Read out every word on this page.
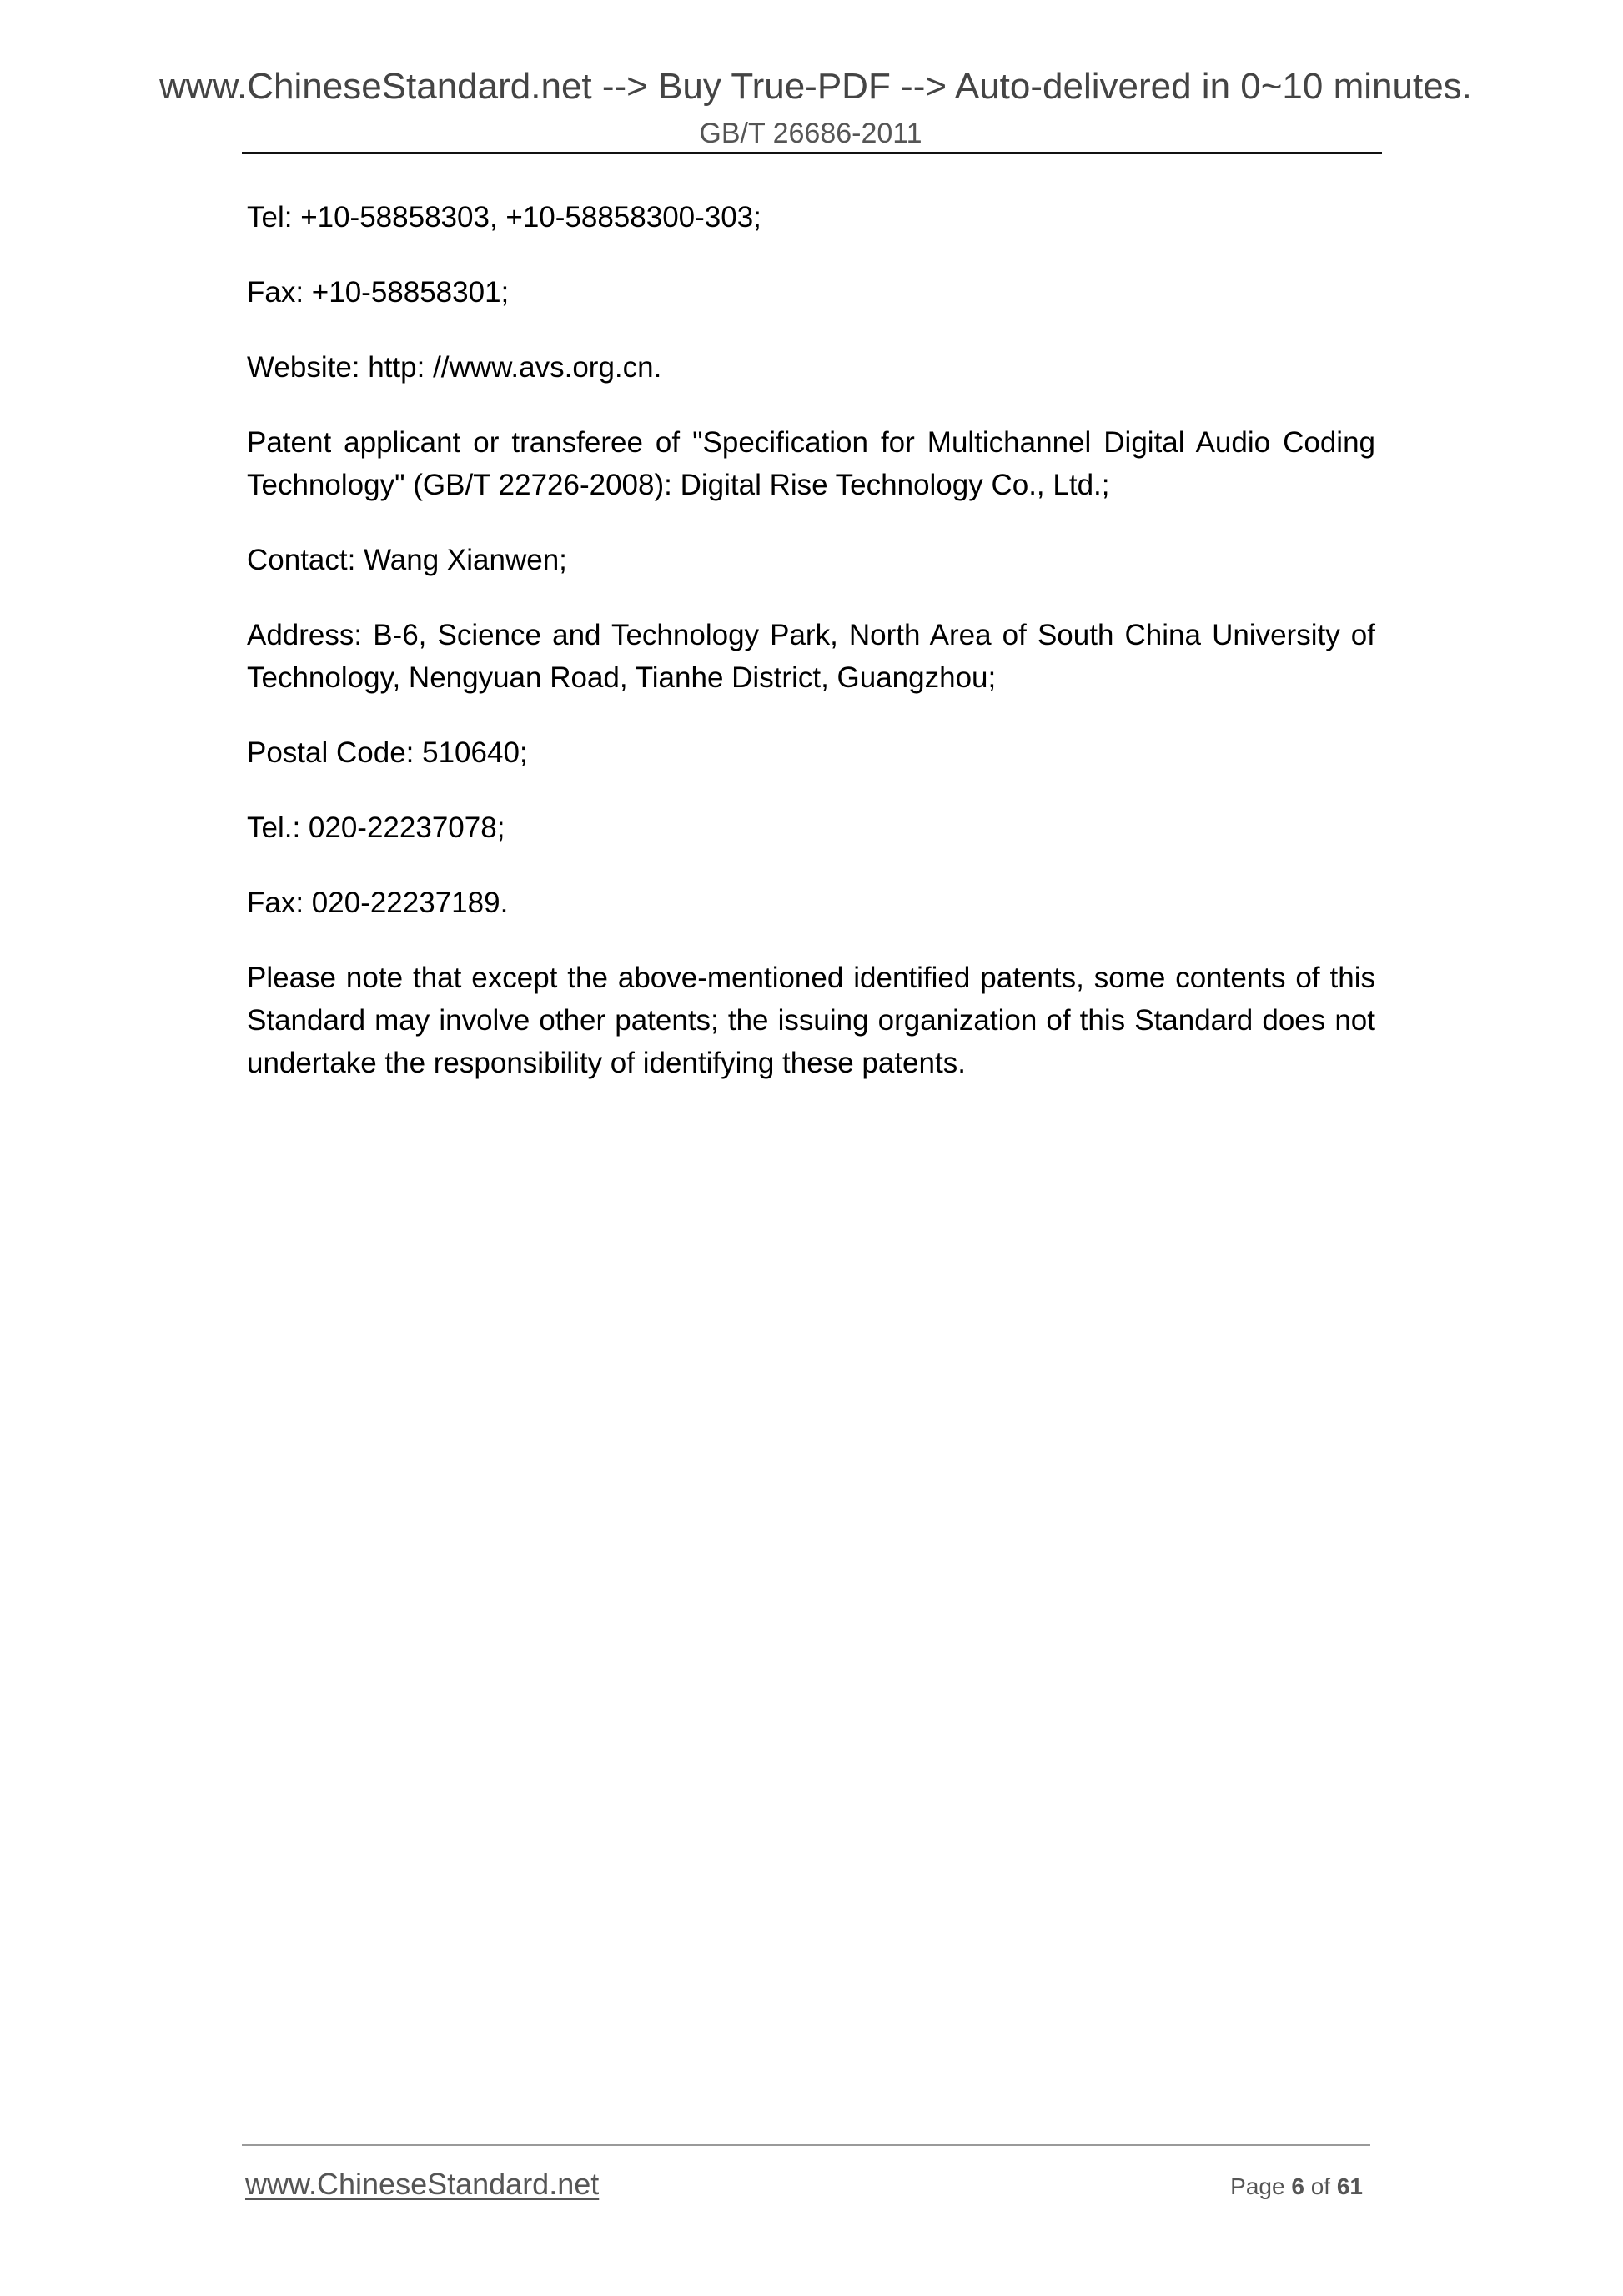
www.ChineseStandard.net --> Buy True-PDF --> Auto-delivered in 0~10 minutes.
GB/T 26686-2011

Tel: +10-58858303, +10-58858300-303;

Fax: +10-58858301;

Website: http: //www.avs.org.cn.

Patent applicant or transferee of "Specification for Multichannel Digital Audio Coding Technology" (GB/T 22726-2008): Digital Rise Technology Co., Ltd.;

Contact: Wang Xianwen;

Address: B-6, Science and Technology Park, North Area of South China University of Technology, Nengyuan Road, Tianhe District, Guangzhou;

Postal Code: 510640;

Tel.: 020-22237078;

Fax: 020-22237189.

Please note that except the above-mentioned identified patents, some contents of this Standard may involve other patents; the issuing organization of this Standard does not undertake the responsibility of identifying these patents.

www.ChineseStandard.net	Page 6 of 61
